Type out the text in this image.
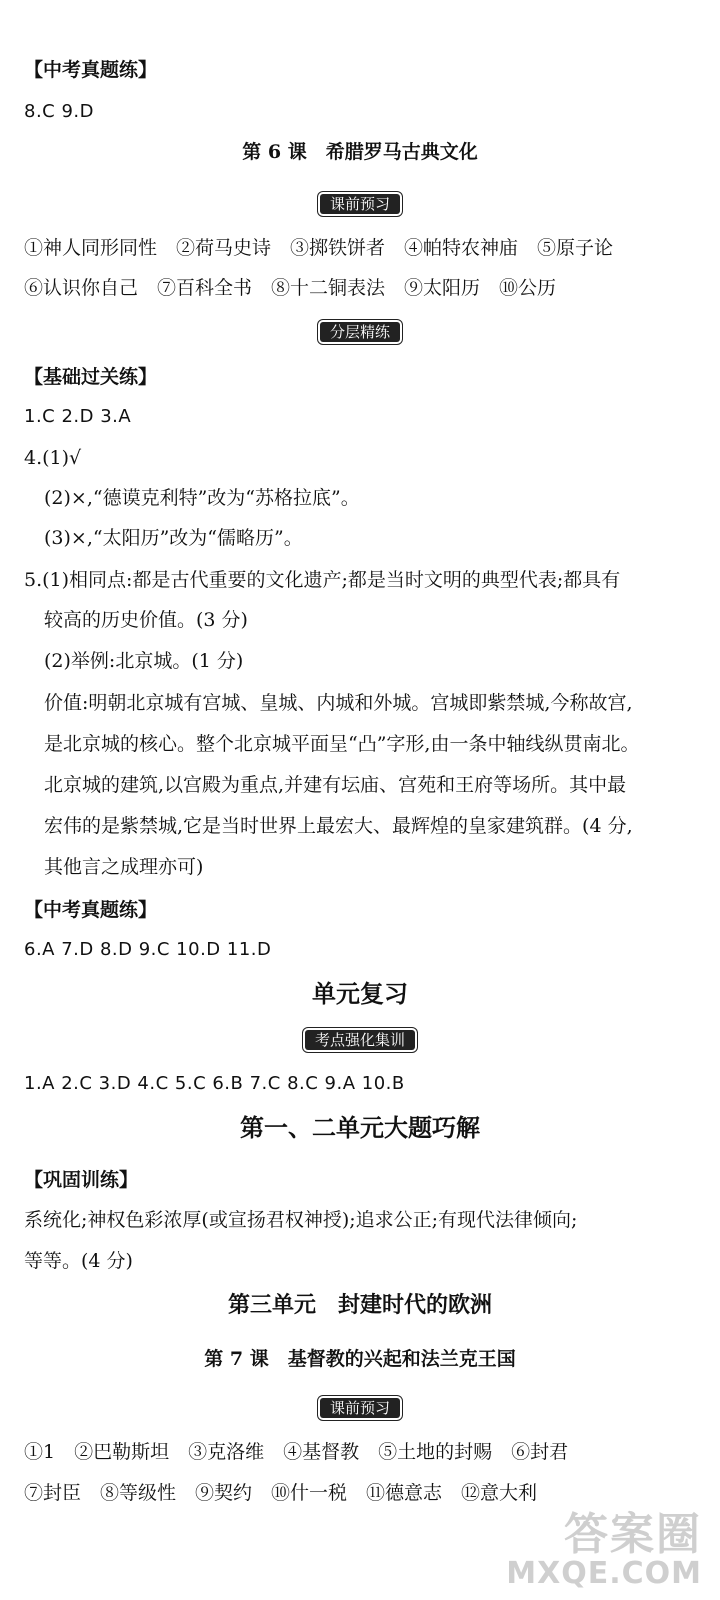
【中考真题练】
8.C 9.D
第 6 课　希腊罗马古典文化
课前预习
①神人同形同性　②荷马史诗　③掷铁饼者　④帕特农神庙　⑤原子论
⑥认识你自己　⑦百科全书　⑧十二铜表法　⑨太阳历　⑩公历
分层精练
【基础过关练】
1.C 2.D 3.A
4.(1)√
(2)×,“德谟克利特”改为“苏格拉底”。
(3)×,“太阳历”改为“儒略历”。
5.(1)相同点:都是古代重要的文化遗产;都是当时文明的典型代表;都具有
较高的历史价值。(3 分)
(2)举例:北京城。(1 分)
价值:明朝北京城有宫城、皇城、内城和外城。宫城即紫禁城,今称故宫,
是北京城的核心。整个北京城平面呈“凸”字形,由一条中轴线纵贯南北。
北京城的建筑,以宫殿为重点,并建有坛庙、宫苑和王府等场所。其中最
宏伟的是紫禁城,它是当时世界上最宏大、最辉煌的皇家建筑群。(4 分,
其他言之成理亦可)
【中考真题练】
6.A 7.D 8.D 9.C 10.D 11.D
单元复习
考点强化集训
1.A 2.C 3.D 4.C 5.C 6.B 7.C 8.C 9.A 10.B
第一、二单元大题巧解
【巩固训练】
系统化;神权色彩浓厚(或宣扬君权神授);追求公正;有现代法律倾向;
等等。(4 分)
第三单元　封建时代的欧洲
第 7 课　基督教的兴起和法兰克王国
课前预习
①1　②巴勒斯坦　③克洛维　④基督教　⑤土地的封赐　⑥封君
⑦封臣　⑧等级性　⑨契约　⑩什一税　⑪德意志　⑫意大利
答案圈
MXQE.COM
